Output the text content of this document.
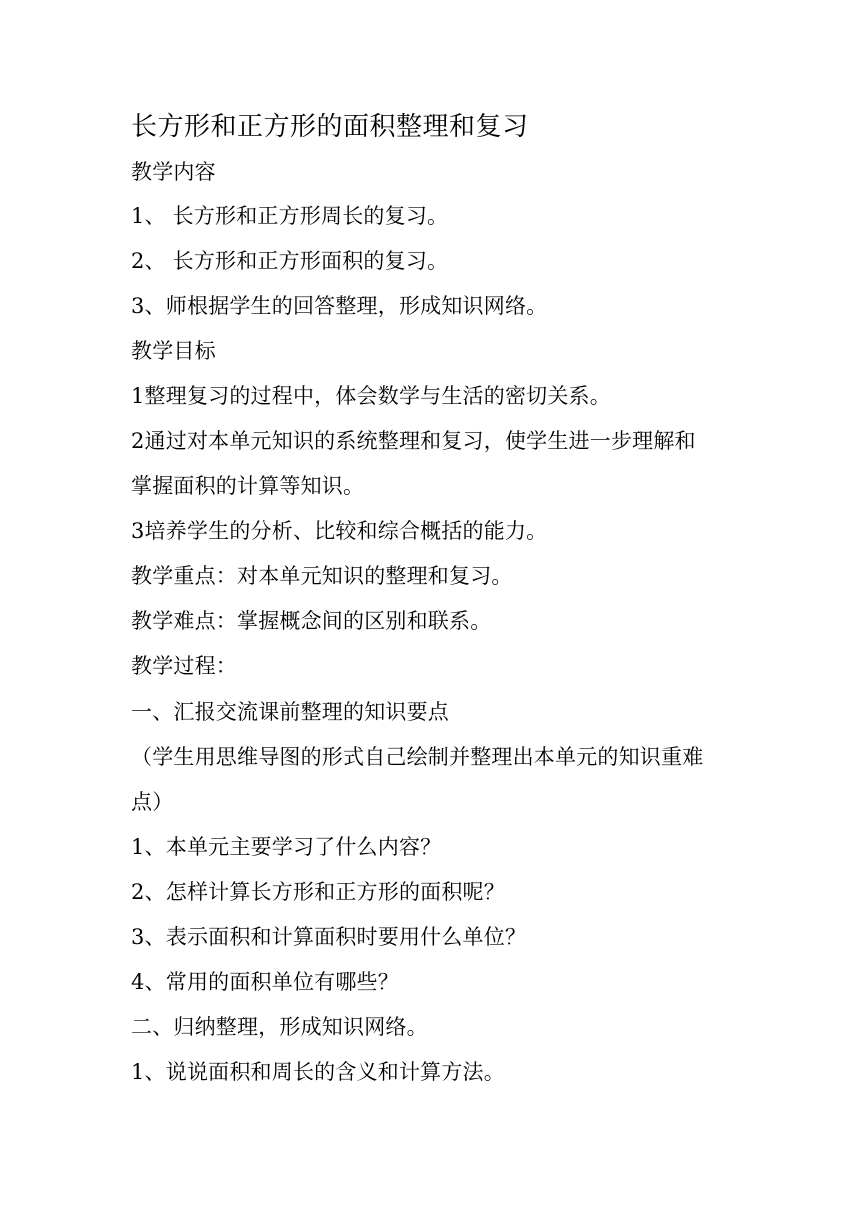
长方形和正方形的面积整理和复习
教学内容
1、 长方形和正方形周长的复习。
2、 长方形和正方形面积的复习。
3、师根据学生的回答整理，形成知识网络。
教学目标
1整理复习的过程中，体会数学与生活的密切关系。
2通过对本单元知识的系统整理和复习，使学生进一步理解和
掌握面积的计算等知识。
3培养学生的分析、比较和综合概括的能力。
教学重点：对本单元知识的整理和复习。
教学难点：掌握概念间的区别和联系。
教学过程：
一、汇报交流课前整理的知识要点
（学生用思维导图的形式自己绘制并整理出本单元的知识重难
点）
1、本单元主要学习了什么内容？
2、怎样计算长方形和正方形的面积呢？
3、表示面积和计算面积时要用什么单位？
4、常用的面积单位有哪些？
二、归纳整理，形成知识网络。
1、说说面积和周长的含义和计算方法。
